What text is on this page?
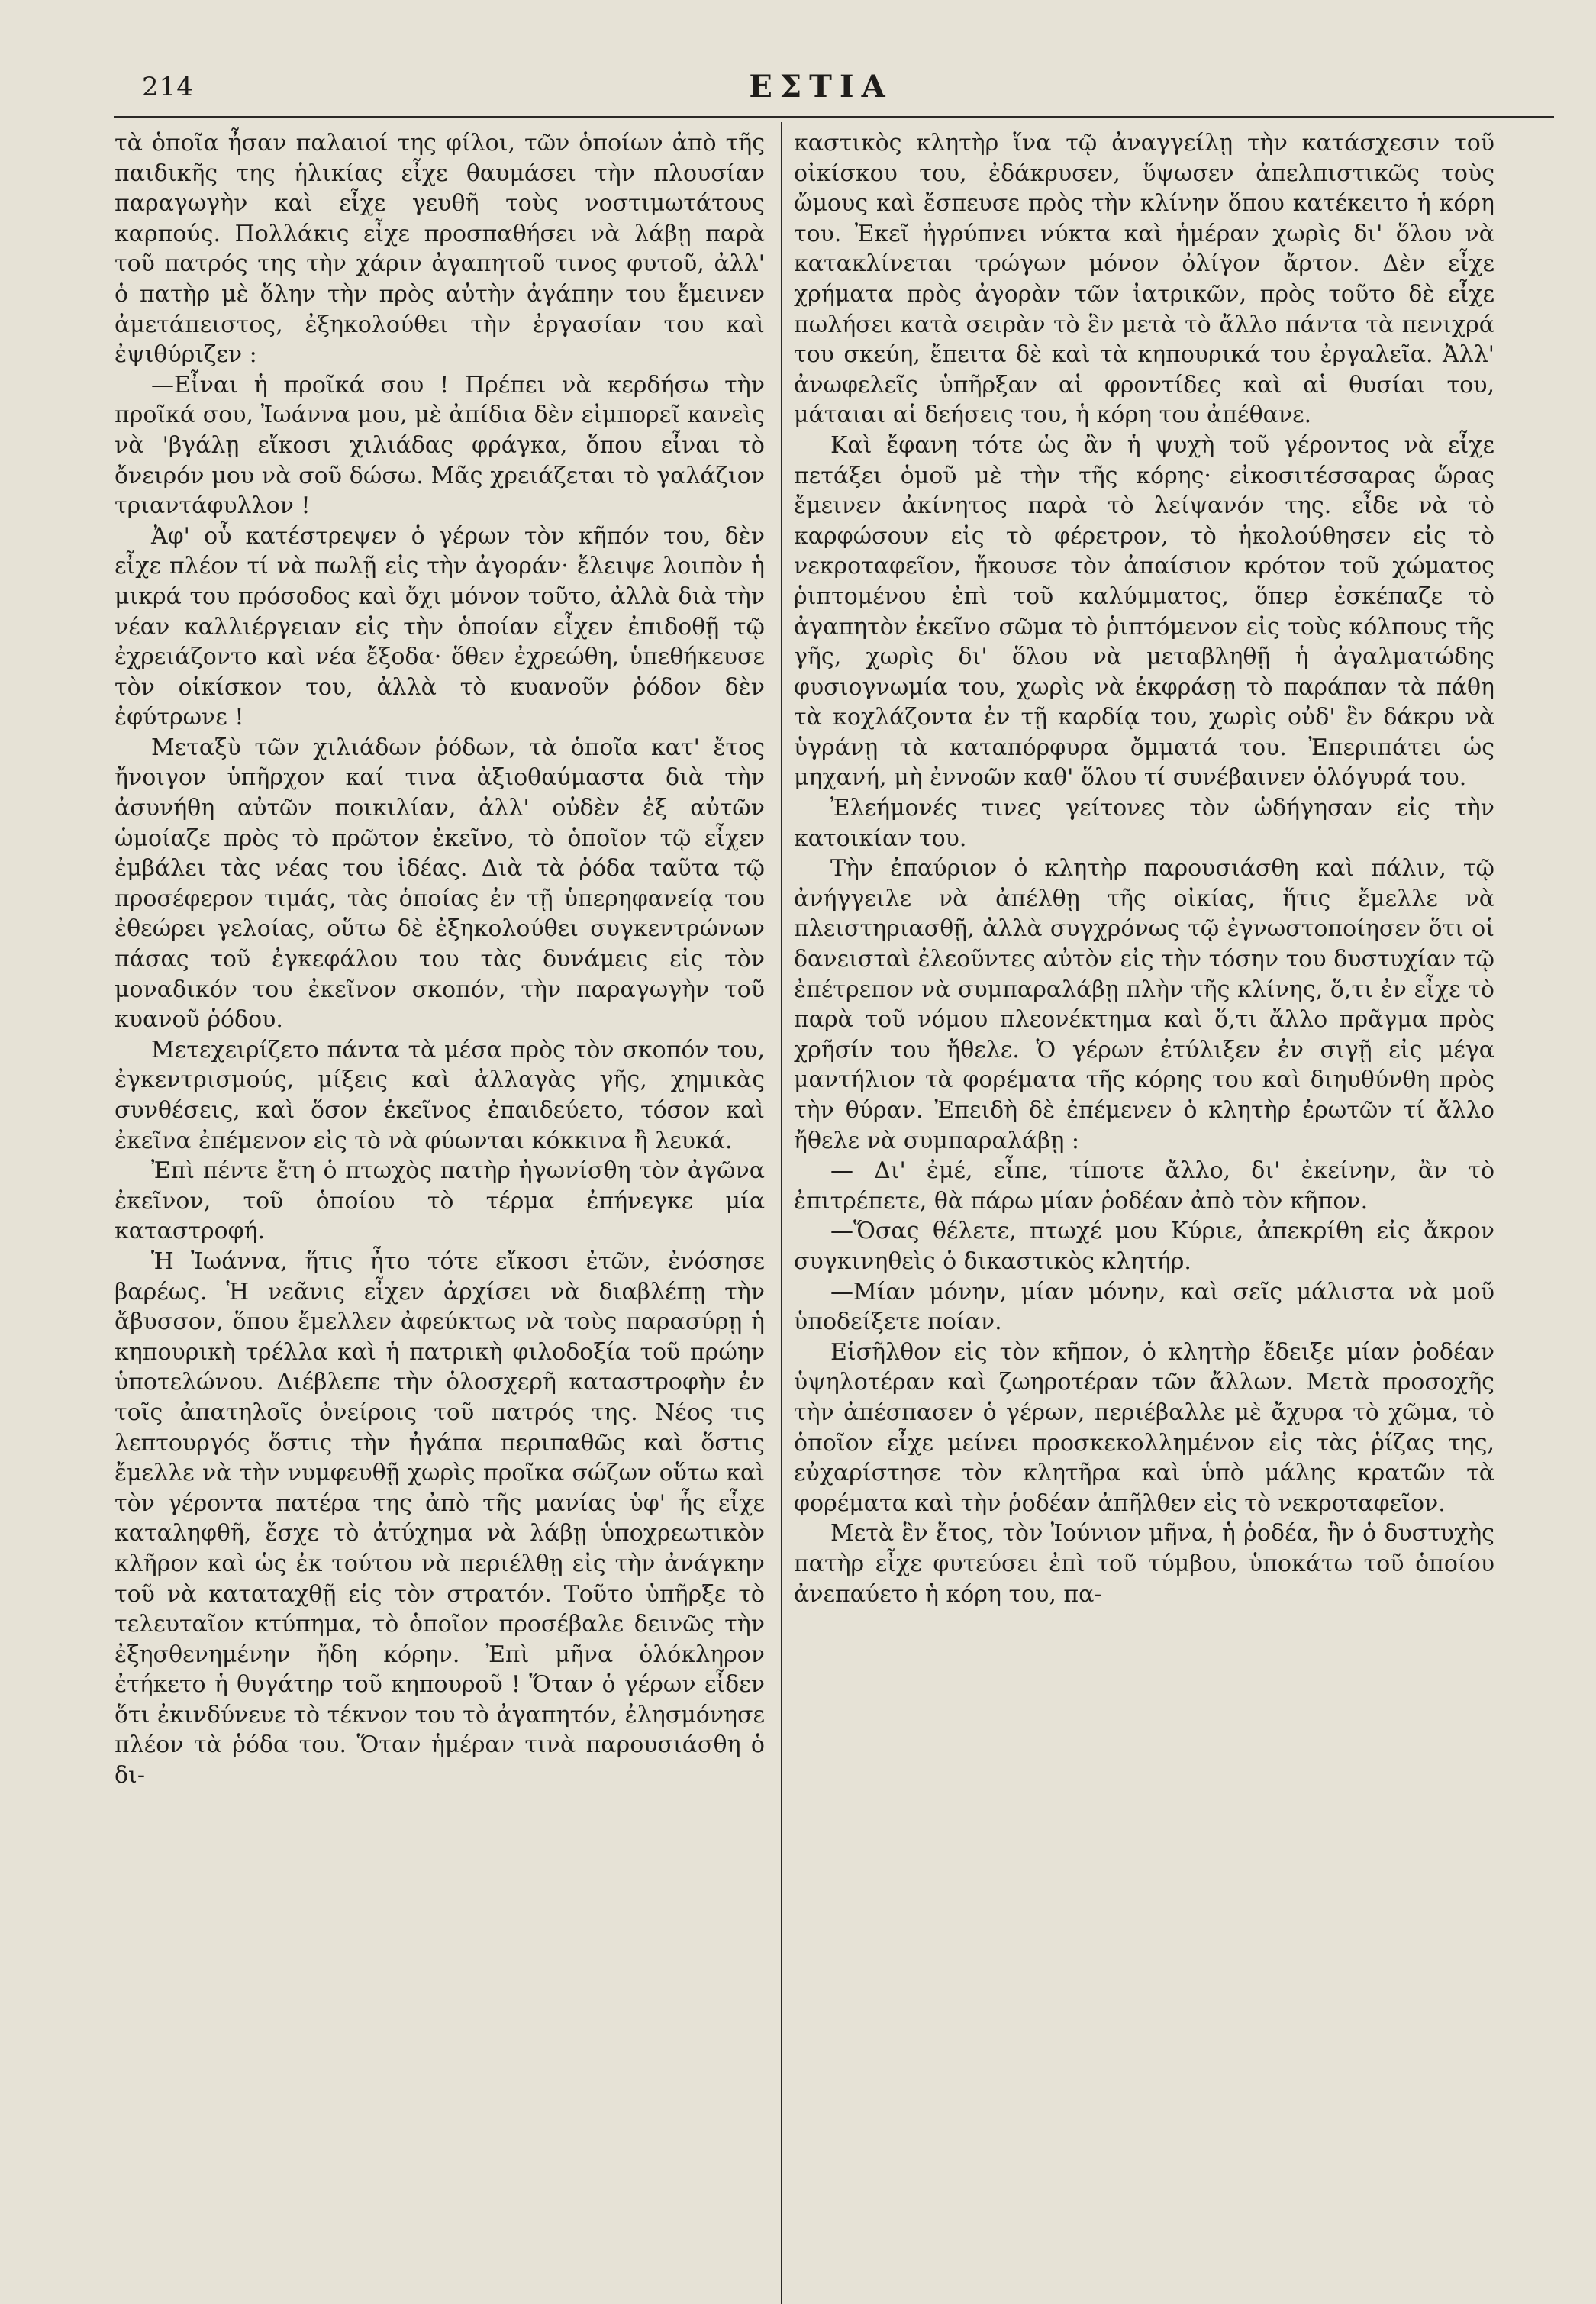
214	ΕΣΤΙΑ

τὰ ὁποῖα ἦσαν παλαιοί της φίλοι, τῶν ὁποίων ἀπὸ τῆς παιδικῆς της ἡλικίας εἶχε θαυμάσει τὴν πλουσίαν παραγωγὴν καὶ εἶχε γευθῆ τοὺς νοστιμωτάτους καρπούς. Πολλάκις εἶχε προσπαθήσει νὰ λάβῃ παρὰ τοῦ πατρός της τὴν χάριν ἀγαπητοῦ τινος φυτοῦ, ἀλλ' ὁ πατὴρ μὲ ὅλην τὴν πρὸς αὐτὴν ἀγάπην του ἔμεινεν ἀμετάπειστος, ἐξηκολούθει τὴν ἐργασίαν του καὶ ἐψιθύριζεν :

—Εἶναι ἡ προῖκά σου ! Πρέπει νὰ κερδήσω τὴν προῖκά σου, Ἰωάννα μου, μὲ ἀπίδια δὲν εἰμπορεῖ κανεὶς νὰ 'βγάλῃ εἴκοσι χιλιάδας φράγκα, ὅπου εἶναι τὸ ὄνειρόν μου νὰ σοῦ δώσω. Μᾶς χρειάζεται τὸ γαλάζιον τριαντάφυλλον !

Ἀφ' οὗ κατέστρεψεν ὁ γέρων τὸν κῆπόν του, δὲν εἶχε πλέον τί νὰ πωλῇ εἰς τὴν ἀγοράν· ἔλειψε λοιπὸν ἡ μικρά του πρόσοδος καὶ ὄχι μόνον τοῦτο, ἀλλὰ διὰ τὴν νέαν καλλιέργειαν εἰς τὴν ὁποίαν εἶχεν ἐπιδοθῇ τῷ ἐχρειάζοντο καὶ νέα ἔξοδα· ὅθεν ἐχρεώθη, ὑπεθήκευσε τὸν οἰκίσκον του, ἀλλὰ τὸ κυανοῦν ῥόδον δὲν ἐφύτρωνε !

Μεταξὺ τῶν χιλιάδων ῥόδων, τὰ ὁποῖα κατ' ἔτος ἤνοιγον ὑπῆρχον καί τινα ἀξιοθαύμαστα διὰ τὴν ἀσυνήθη αὐτῶν ποικιλίαν, ἀλλ' οὐδὲν ἐξ αὐτῶν ὡμοίαζε πρὸς τὸ πρῶτον ἐκεῖνο, τὸ ὁποῖον τῷ εἶχεν ἐμβάλει τὰς νέας του ἰδέας. Διὰ τὰ ῥόδα ταῦτα τῷ προσέφερον τιμάς, τὰς ὁποίας ἐν τῇ ὑπερηφανείᾳ του ἐθεώρει γελοίας, οὕτω δὲ ἐξηκολούθει συγκεντρώνων πάσας τοῦ ἐγκεφάλου του τὰς δυνάμεις εἰς τὸν μοναδικόν του ἐκεῖνον σκοπόν, τὴν παραγωγὴν τοῦ κυανοῦ ῥόδου.

Μετεχειρίζετο πάντα τὰ μέσα πρὸς τὸν σκοπόν του, ἐγκεντρισμούς, μίξεις καὶ ἀλλαγὰς γῆς, χημικὰς συνθέσεις, καὶ ὅσον ἐκεῖνος ἐπαιδεύετο, τόσον καὶ ἐκεῖνα ἐπέμενον εἰς τὸ νὰ φύωνται κόκκινα ἢ λευκά.

Ἐπὶ πέντε ἔτη ὁ πτωχὸς πατὴρ ἠγωνίσθη τὸν ἀγῶνα ἐκεῖνον, τοῦ ὁποίου τὸ τέρμα ἐπήνεγκε μία καταστροφή.

Ἡ Ἰωάννα, ἥτις ἦτο τότε εἴκοσι ἐτῶν, ἐνόσησε βαρέως. Ἡ νεᾶνις εἶχεν ἀρχίσει νὰ διαβλέπῃ τὴν ἄβυσσον, ὅπου ἔμελλεν ἀφεύκτως νὰ τοὺς παρασύρῃ ἡ κηπουρικὴ τρέλλα καὶ ἡ πατρικὴ φιλοδοξία τοῦ πρώην ὑποτελώνου. Διέβλεπε τὴν ὁλοσχερῆ καταστροφὴν ἐν τοῖς ἀπατηλοῖς ὀνείροις τοῦ πατρός της. Νέος τις λεπτουργός ὅστις τὴν ἠγάπα περιπαθῶς καὶ ὅστις ἔμελλε νὰ τὴν νυμφευθῇ χωρὶς προῖκα σώζων οὕτω καὶ τὸν γέροντα πατέρα της ἀπὸ τῆς μανίας ὑφ' ἧς εἶχε καταληφθῆ, ἔσχε τὸ ἀτύχημα νὰ λάβῃ ὑποχρεωτικὸν κλῆρον καὶ ὡς ἐκ τούτου νὰ περιέλθῃ εἰς τὴν ἀνάγκην τοῦ νὰ καταταχθῇ εἰς τὸν στρατόν. Τοῦτο ὑπῆρξε τὸ τελευταῖον κτύπημα, τὸ ὁποῖον προσέβαλε δεινῶς τὴν ἐξησθενημένην ἤδη κόρην. Ἐπὶ μῆνα ὁλόκληρον ἐτήκετο ἡ θυγάτηρ τοῦ κηπουροῦ ! Ὅταν ὁ γέρων εἶδεν ὅτι ἐκινδύνευε τὸ τέκνον του τὸ ἀγαπητόν, ἐλησμόνησε πλέον τὰ ῥόδα του. Ὅταν ἡμέραν τινὰ παρουσιάσθη ὁ δι-

καστικὸς κλητὴρ ἵνα τῷ ἀναγγείλῃ τὴν κατάσχεσιν τοῦ οἰκίσκου του, ἐδάκρυσεν, ὕψωσεν ἀπελπιστικῶς τοὺς ὤμους καὶ ἔσπευσε πρὸς τὴν κλίνην ὅπου κατέκειτο ἡ κόρη του. Ἐκεῖ ἠγρύπνει νύκτα καὶ ἡμέραν χωρὶς δι' ὅλου νὰ κατακλίνεται τρώγων μόνον ὀλίγον ἄρτον. Δὲν εἶχε χρήματα πρὸς ἀγορὰν τῶν ἰατρικῶν, πρὸς τοῦτο δὲ εἶχε πωλήσει κατὰ σειρὰν τὸ ἓν μετὰ τὸ ἄλλο πάντα τὰ πενιχρά του σκεύη, ἔπειτα δὲ καὶ τὰ κηπουρικά του ἐργαλεῖα. Ἀλλ' ἀνωφελεῖς ὑπῆρξαν αἱ φροντίδες καὶ αἱ θυσίαι του, μάταιαι αἱ δεήσεις του, ἡ κόρη του ἀπέθανε.

Καὶ ἔφανη τότε ὡς ἂν ἡ ψυχὴ τοῦ γέροντος νὰ εἶχε πετάξει ὁμοῦ μὲ τὴν τῆς κόρης· εἰκοσιτέσσαρας ὥρας ἔμεινεν ἀκίνητος παρὰ τὸ λείψανόν της. εἶδε νὰ τὸ καρφώσουν εἰς τὸ φέρετρον, τὸ ἠκολούθησεν εἰς τὸ νεκροταφεῖον, ἤκουσε τὸν ἀπαίσιον κρότον τοῦ χώματος ῥιπτομένου ἐπὶ τοῦ καλύμματος, ὅπερ ἐσκέπαζε τὸ ἀγαπητὸν ἐκεῖνο σῶμα τὸ ῥιπτόμενον εἰς τοὺς κόλπους τῆς γῆς, χωρὶς δι' ὅλου νὰ μεταβληθῇ ἡ ἀγαλματώδης φυσιογνωμία του, χωρὶς νὰ ἐκφράσῃ τὸ παράπαν τὰ πάθη τὰ κοχλάζοντα ἐν τῇ καρδίᾳ του, χωρὶς οὐδ' ἓν δάκρυ νὰ ὑγράνῃ τὰ καταπόρφυρα ὄμματά του. Ἐπεριπάτει ὡς μηχανή, μὴ ἐννοῶν καθ' ὅλου τί συνέβαινεν ὁλόγυρά του.

Ἐλεήμονές τινες γείτονες τὸν ὡδήγησαν εἰς τὴν κατοικίαν του.

Τὴν ἐπαύριον ὁ κλητὴρ παρουσιάσθη καὶ πάλιν, τῷ ἀνήγγειλε νὰ ἀπέλθῃ τῆς οἰκίας, ἥτις ἔμελλε νὰ πλειστηριασθῇ, ἀλλὰ συγχρόνως τῷ ἐγνωστοποίησεν ὅτι οἱ δανεισταὶ ἐλεοῦντες αὐτὸν εἰς τὴν τόσην του δυστυχίαν τῷ ἐπέτρεπον νὰ συμπαραλάβῃ πλὴν τῆς κλίνης, ὅ,τι ἐν εἶχε τὸ παρὰ τοῦ νόμου πλεονέκτημα καὶ ὅ,τι ἄλλο πρᾶγμα πρὸς χρῆσίν του ἤθελε. Ὁ γέρων ἐτύλιξεν ἐν σιγῇ εἰς μέγα μαντήλιον τὰ φορέματα τῆς κόρης του καὶ διηυθύνθη πρὸς τὴν θύραν. Ἐπειδὴ δὲ ἐπέμενεν ὁ κλητὴρ ἐρωτῶν τί ἄλλο ἤθελε νὰ συμπαραλάβῃ :

— Δι' ἐμέ, εἶπε, τίποτε ἄλλο, δι' ἐκείνην, ἂν τὸ ἐπιτρέπετε, θὰ πάρω μίαν ῥοδέαν ἀπὸ τὸν κῆπον.

—Ὅσας θέλετε, πτωχέ μου Κύριε, ἀπεκρίθη εἰς ἄκρον συγκινηθεὶς ὁ δικαστικὸς κλητήρ.

—Μίαν μόνην, μίαν μόνην, καὶ σεῖς μάλιστα νὰ μοῦ ὑποδείξετε ποίαν.

Εἰσῆλθον εἰς τὸν κῆπον, ὁ κλητὴρ ἔδειξε μίαν ῥοδέαν ὑψηλοτέραν καὶ ζωηροτέραν τῶν ἄλλων. Μετὰ προσοχῆς τὴν ἀπέσπασεν ὁ γέρων, περιέβαλλε μὲ ἄχυρα τὸ χῶμα, τὸ ὁποῖον εἶχε μείνει προσκεκολλημένον εἰς τὰς ῥίζας της, εὐχαρίστησε τὸν κλητῆρα καὶ ὑπὸ μάλης κρατῶν τὰ φορέματα καὶ τὴν ῥοδέαν ἀπῆλθεν εἰς τὸ νεκροταφεῖον.

Μετὰ ἓν ἔτος, τὸν Ἰούνιον μῆνα, ἡ ῥοδέα, ἣν ὁ δυστυχὴς πατὴρ εἶχε φυτεύσει ἐπὶ τοῦ τύμβου, ὑποκάτω τοῦ ὁποίου ἀνεπαύετο ἡ κόρη του, πα-
